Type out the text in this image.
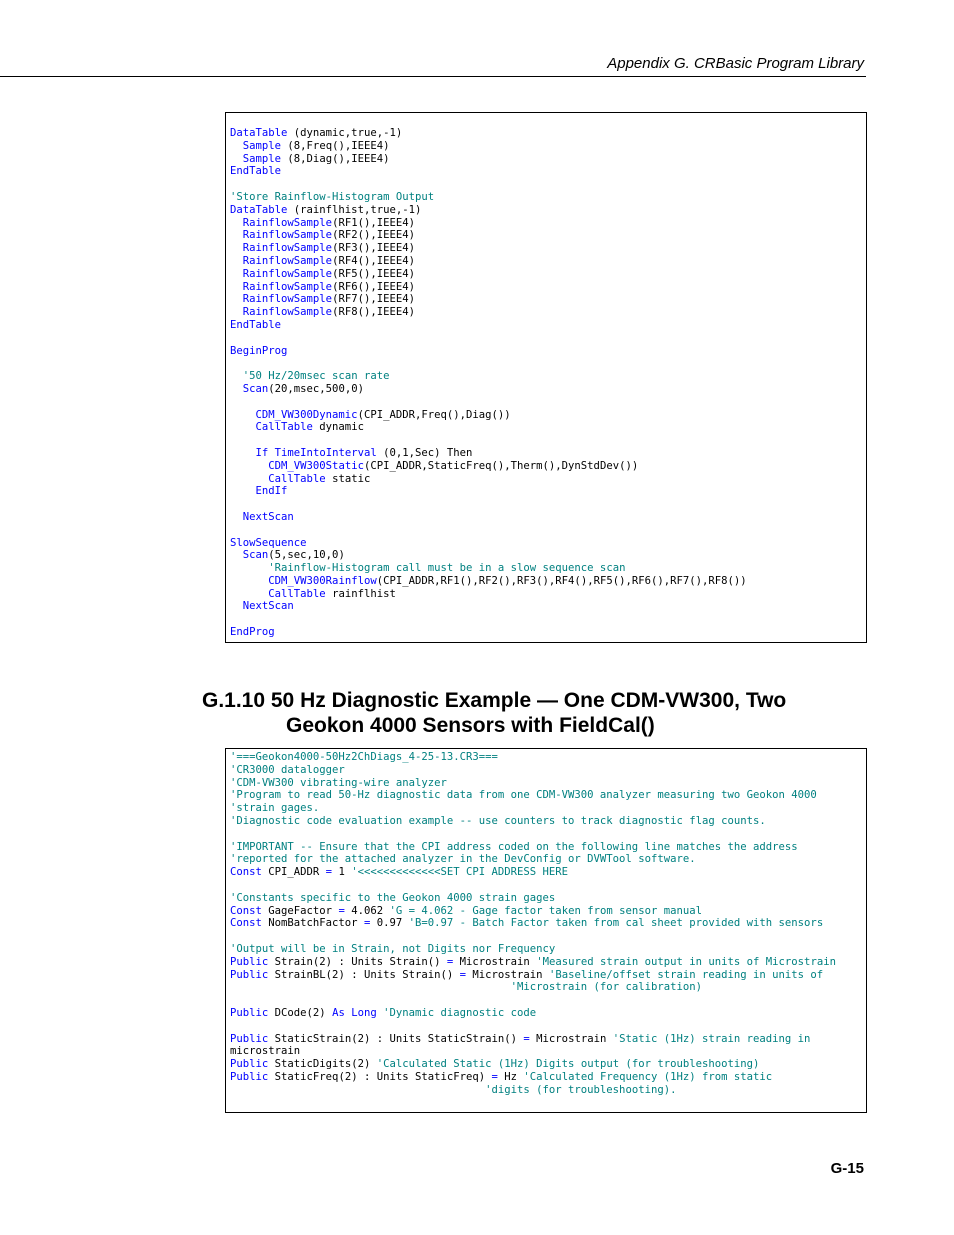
Appendix G. CRBasic Program Library
DataTable (dynamic,true,-1)
Sample (8,Freq(),IEEE4)
Sample (8,Diag(),IEEE4)
EndTable
'Store Rainflow-Histogram Output
DataTable (rainflhist,true,-1)
RainflowSample(RF1(),IEEE4)
RainflowSample(RF2(),IEEE4)
RainflowSample(RF3(),IEEE4)
RainflowSample(RF4(),IEEE4)
RainflowSample(RF5(),IEEE4)
RainflowSample(RF6(),IEEE4)
RainflowSample(RF7(),IEEE4)
RainflowSample(RF8(),IEEE4)
EndTable
BeginProg
'50 Hz/20msec scan rate
Scan(20,msec,500,0)
CDM_VW300Dynamic(CPI_ADDR,Freq(),Diag())
CallTable dynamic
If TimeIntoInterval (0,1,Sec) Then
CDM_VW300Static(CPI_ADDR,StaticFreq(),Therm(),DynStdDev())
CallTable static
EndIf
NextScan
SlowSequence
Scan(5,sec,10,0)
'Rainflow-Histogram call must be in a slow sequence scan
CDM_VW300Rainflow(CPI_ADDR,RF1(),RF2(),RF3(),RF4(),RF5(),RF6(),RF7(),RF8())
CallTable rainflhist
NextScan
EndProg
G.1.10 50 Hz Diagnostic Example — One CDM-VW300, Two
Geokon 4000 Sensors with FieldCal()
'===Geokon4000-50Hz2ChDiags_4-25-13.CR3===
'CR3000 datalogger
'CDM-VW300 vibrating-wire analyzer
'Program to read 50-Hz diagnostic data from one CDM-VW300 analyzer measuring two Geokon 4000
'strain gages.
'Diagnostic code evaluation example -- use counters to track diagnostic flag counts.
'IMPORTANT -- Ensure that the CPI address coded on the following line matches the address
'reported for the attached analyzer in the DevConfig or DVWTool software.
Const CPI_ADDR = 1 '<<<<<<<<<<<<<SET CPI ADDRESS HERE
'Constants specific to the Geokon 4000 strain gages
Const GageFactor = 4.062 'G = 4.062 - Gage factor taken from sensor manual
Const NomBatchFactor = 0.97 'B=0.97 - Batch Factor taken from cal sheet provided with sensors
'Output will be in Strain, not Digits nor Frequency
Public Strain(2) : Units Strain() = Microstrain 'Measured strain output in units of Microstrain
Public StrainBL(2) : Units Strain() = Microstrain 'Baseline/offset strain reading in units of
'Microstrain (for calibration)
Public DCode(2) As Long 'Dynamic diagnostic code
Public StaticStrain(2) : Units StaticStrain() = Microstrain 'Static (1Hz) strain reading in
microstrain
Public StaticDigits(2) 'Calculated Static (1Hz) Digits output (for troubleshooting)
Public StaticFreq(2) : Units StaticFreq) = Hz 'Calculated Frequency (1Hz) from static
'digits (for troubleshooting).
G-15
